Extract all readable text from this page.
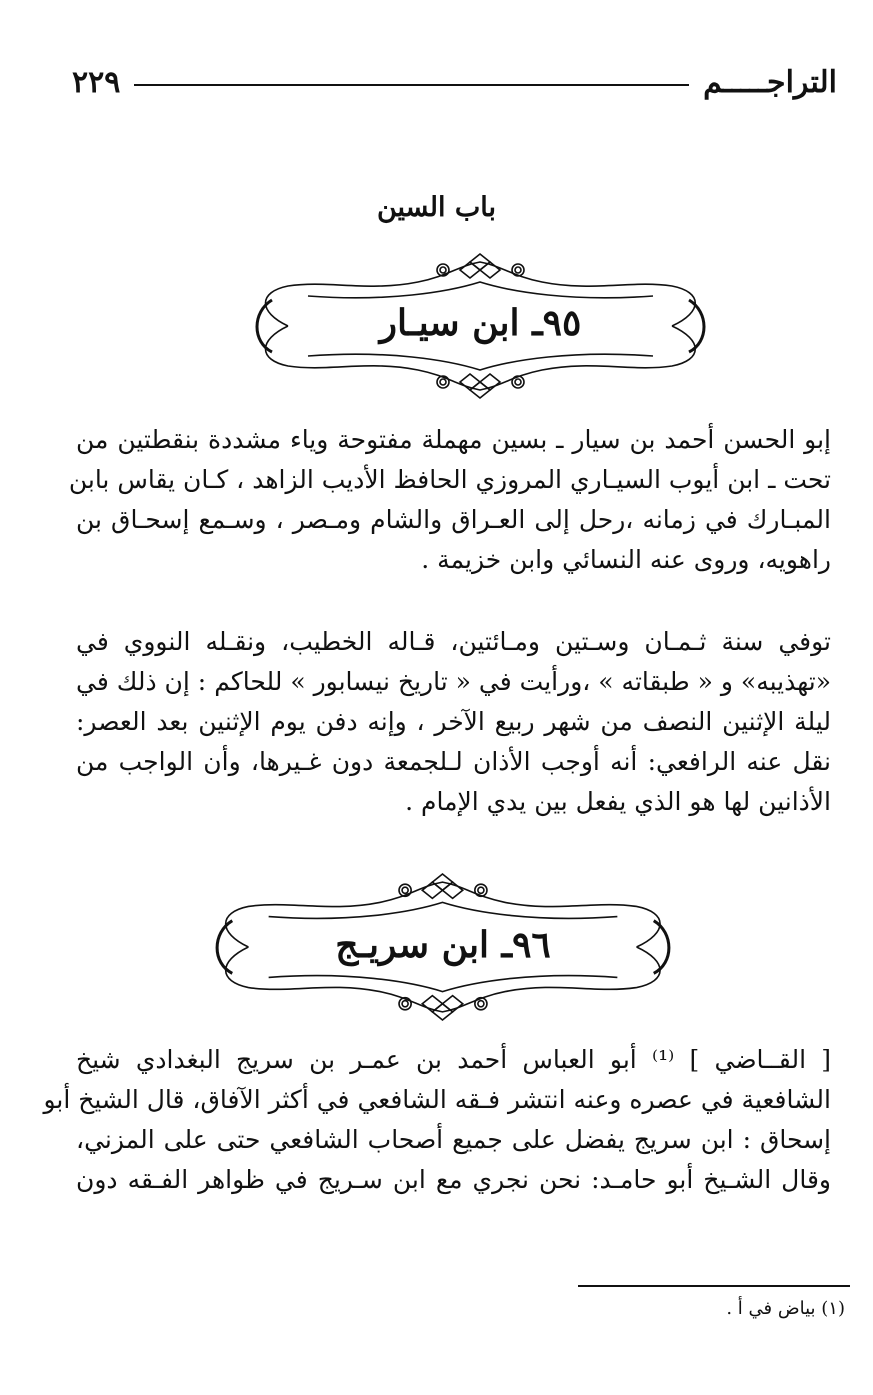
٢٢٩	التراجـــــم
باب السين
٩٥ـ ابن سيـار

إبو الحسن أحمد بن سيار ـ بسين مهملة مفتوحة وياء مشددة بنقطتين من
تحت ـ ابن أيوب السيـاري المروزي الحافظ الأديب الزاهد ، كـان يقاس بابن
المبـارك في زمانه ،رحل إلى العـراق والشام ومـصر ، وسـمع إسحـاق بن
راهويه، وروى عنه النسائي وابن خزيمة .

توفي سنة ثـمـان وسـتين ومـائتين، قـاله الخطيب، ونقـله النووي في
«تهذيبه» و « طبقاته » ،ورأيت في « تاريخ نيسابور » للحاكم : إن ذلك في
ليلة الإثنين النصف من شهر ربيع الآخر ، وإنه دفن يوم الإثنين بعد العصر:
نقل عنه الرافعي: أنه أوجب الأذان لـلجمعة دون غـيرها، وأن الواجب من
الأذانين لها هو الذي يفعل بين يدي الإمام .

٩٦ـ ابن سريـج

[ القــاضي ] ⁽¹⁾ أبو العباس أحمد بن عمـر بن سريج البغدادي شيخ
الشافعية في عصره وعنه انتشر فـقه الشافعي في أكثر الآفاق، قال الشيخ أبو
إسحاق : ابن سريج يفضل على جميع أصحاب الشافعي حتى على المزني،
وقال الشـيخ أبو حامـد: نحن نجري مع ابن سـريج في ظواهر الفـقه دون

(١) بياض في أ .
